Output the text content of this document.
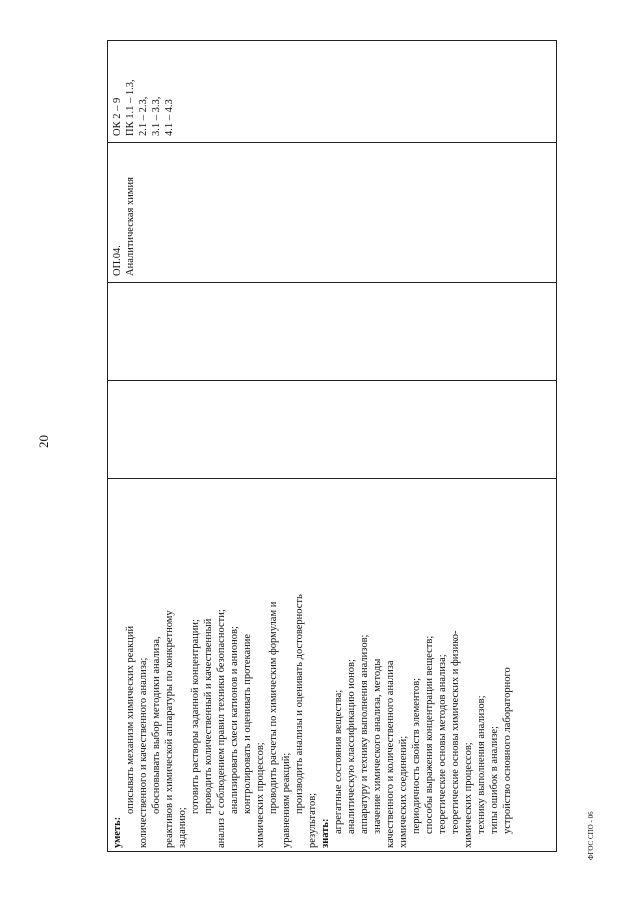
20
ОК 2 – 9 ПК 1.1 – 1.3, 2.1 – 2.3, 3.1 – 3.3, 4.1 – 4.3
ОП.04. Аналитическая химия
уметь:
описывать механизм химических реакций количественного и качественного анализа; обосновывать выбор методики анализа, реактивов и химической аппаратуры по конкретному заданию;
готовить растворы заданной концентрации; проводить количественный и качественный анализ с соблюдением правил техники безопасности; анализировать смеси катионов и анионов; контролировать и оценивать протекание химических процессов; проводить расчеты по химическим формулам и уравнениям реакций; производить анализы и оценивать достоверность
результатов; знать: агрегатные состояния вещества; аналитическую классификацию ионов; аппаратуру и технику выполнения анализов; значение химического анализа, методы качественного и количественного анализа химических соединений; периодичность свойств элементов; способы выражения концентрации веществ; теоретические основы методов анализа; теоретические основы химических и физико- химических процессов; технику выполнения анализов; типы ошибок в анализе; устройство основного лабораторного
ФГОС СПО - 06
